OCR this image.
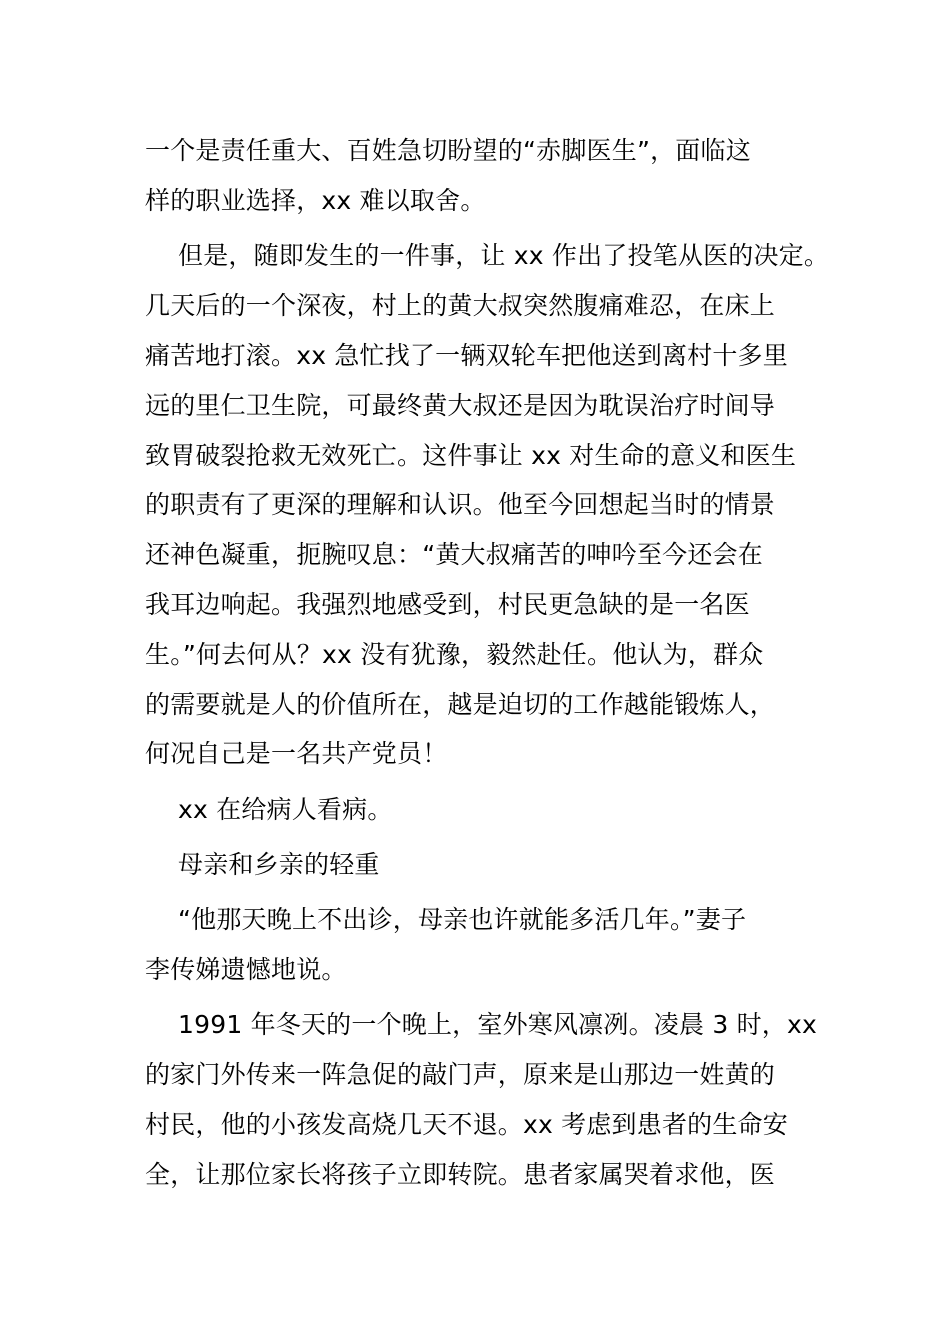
一个是责任重大、百姓急切盼望的“赤脚医生”，面临这
样的职业选择，xx 难以取舍。
但是，随即发生的一件事，让 xx 作出了投笔从医的决定。
几天后的一个深夜，村上的黄大叔突然腹痛难忍，在床上
痛苦地打滚。xx 急忙找了一辆双轮车把他送到离村十多里
远的里仁卫生院，可最终黄大叔还是因为耽误治疗时间导
致胃破裂抢救无效死亡。这件事让 xx 对生命的意义和医生
的职责有了更深的理解和认识。他至今回想起当时的情景
还神色凝重，扼腕叹息：“黄大叔痛苦的呻吟至今还会在
我耳边响起。我强烈地感受到，村民更急缺的是一名医
生。”何去何从？xx 没有犹豫，毅然赴任。他认为，群众
的需要就是人的价值所在，越是迫切的工作越能锻炼人，
何况自己是一名共产党员！
xx 在给病人看病。
母亲和乡亲的轻重
“他那天晚上不出诊，母亲也许就能多活几年。”妻子
李传娣遗憾地说。
1991 年冬天的一个晚上，室外寒风凛冽。凌晨 3 时，xx
的家门外传来一阵急促的敲门声，原来是山那边一姓黄的
村民，他的小孩发高烧几天不退。xx 考虑到患者的生命安
全，让那位家长将孩子立即转院。患者家属哭着求他，医
